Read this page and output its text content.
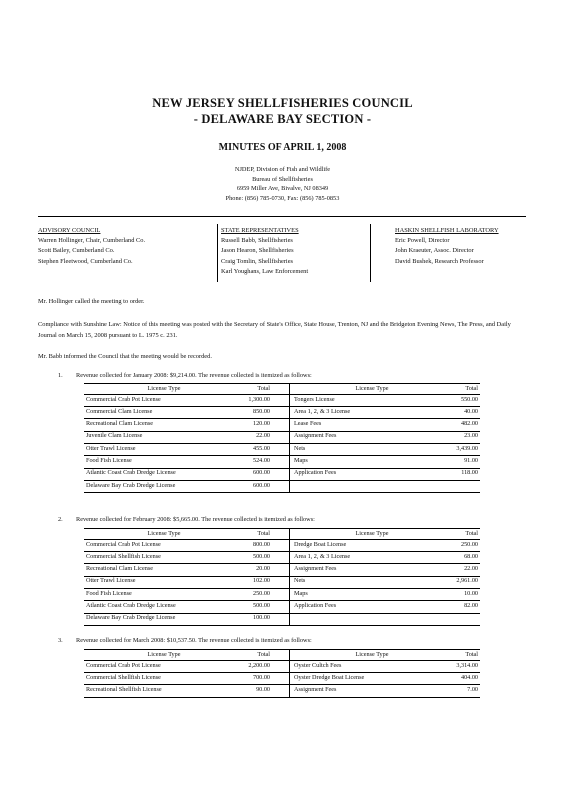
NEW JERSEY SHELLFISHERIES COUNCIL
- DELAWARE BAY SECTION -
MINUTES OF APRIL 1, 2008
NJDEP, Division of Fish and Wildlife
Bureau of Shellfisheries
6959 Miller Ave, Bivalve, NJ 08349
Phone: (856) 785-0730, Fax: (856) 785-0853
ADVISORY COUNCIL
Warren Hollinger, Chair, Cumberland Co.
Scott Bailey, Cumberland Co.
Stephen Fleetwood, Cumberland Co.
STATE REPRESENTATIVES
Russell Babb, Shellfisheries
Jason Hearon, Shellfisheries
Craig Tomlin, Shellfisheries
Karl Youghans, Law Enforcement
HASKIN SHELLFISH LABORATORY
Eric Powell, Director
John Kraeuter, Assoc. Director
David Bushek, Research Professor
Mr. Hollinger called the meeting to order.
Compliance with Sunshine Law: Notice of this meeting was posted with the Secretary of State's Office, State House, Trenton, NJ and the Bridgeton Evening News, The Press, and Daily Journal on March 15, 2008 pursuant to L. 1975 c. 231.
Mr. Babb informed the Council that the meeting would be recorded.
1. Revenue collected for January 2008: $9,214.00. The revenue collected is itemized as follows:
License Type	Total	License Type	Total
Commercial Crab Pot License	1,300.00	Tongers License	550.00
Commercial Clam License	850.00	Area 1, 2, & 3 License	40.00
Recreational Clam License	120.00	Lease Fees	482.00
Juvenile Clam License	22.00	Assignment Fees	23.00
Otter Trawl License	455.00	Nets	3,439.00
Food Fish License	524.00	Maps	91.00
Atlantic Coast Crab Dredge License	600.00	Application Fees	118.00
Delaware Bay Crab Dredge License	600.00
2. Revenue collected for February 2008: $5,665.00. The revenue collected is itemized as follows:
License Type	Total	License Type	Total
Commercial Crab Pot License	800.00	Dredge Boat License	250.00
Commercial Shellfish License	500.00	Area 1, 2, & 3 License	68.00
Recreational Clam License	20.00	Assignment Fees	22.00
Otter Trawl License	102.00	Nets	2,961.00
Food Fish License	250.00	Maps	10.00
Atlantic Coast Crab Dredge License	500.00	Application Fees	82.00
Delaware Bay Crab Dredge License	100.00
3. Revenue collected for March 2008: $10,537.50. The revenue collected is itemized as follows:
License Type	Total	License Type	Total
Commercial Crab Pot License	2,200.00	Oyster Cultch Fees	3,314.00
Commercial Shellfish License	700.00	Oyster Dredge Boat License	404.00
Recreational Shellfish License	90.00	Assignment Fees	7.00
